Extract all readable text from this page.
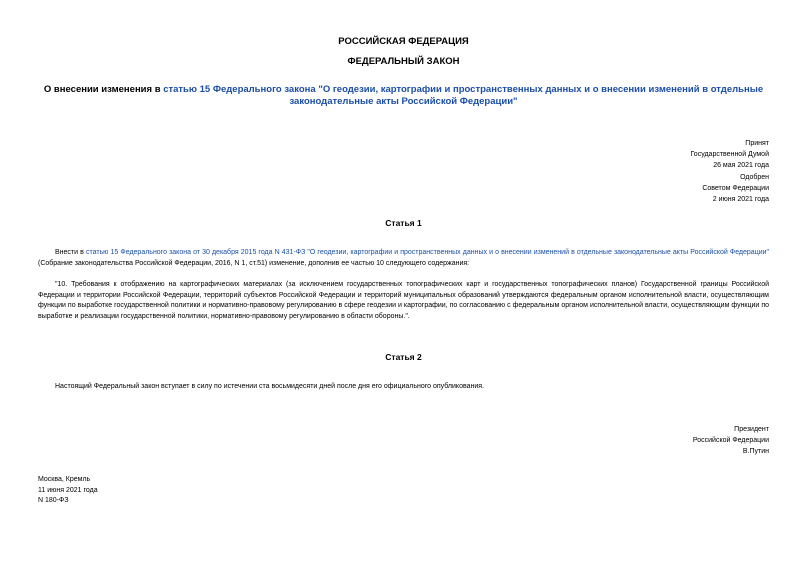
РОССИЙСКАЯ ФЕДЕРАЦИЯ
ФЕДЕРАЛЬНЫЙ ЗАКОН
О внесении изменения в статью 15 Федерального закона "О геодезии, картографии и пространственных данных и о внесении изменений в отдельные законодательные акты Российской Федерации"
Принят
Государственной Думой
26 мая 2021 года
Одобрен
Советом Федерации
2 июня 2021 года
Статья 1
Внести в статью 15 Федерального закона от 30 декабря 2015 года N 431-ФЗ "О геодезии, картографии и пространственных данных и о внесении изменений в отдельные законодательные акты Российской Федерации" (Собрание законодательства Российской Федерации, 2016, N 1, ст.51) изменение, дополнив ее частью 10 следующего содержания:
"10. Требования к отображению на картографических материалах (за исключением государственных топографических карт и государственных топографических планов) Государственной границы Российской Федерации и территории Российской Федерации, территорий субъектов Российской Федерации и территорий муниципальных образований утверждаются федеральным органом исполнительной власти, осуществляющим функции по выработке государственной политики и нормативно-правовому регулированию в сфере геодезии и картографии, по согласованию с федеральным органом исполнительной власти, осуществляющим функции по выработке и реализации государственной политики, нормативно-правовому регулированию в области обороны.".
Статья 2
Настоящий Федеральный закон вступает в силу по истечении ста восьмидесяти дней после дня его официального опубликования.
Президент
Российской Федерации
В.Путин
Москва, Кремль
11 июня 2021 года
N 180-ФЗ
